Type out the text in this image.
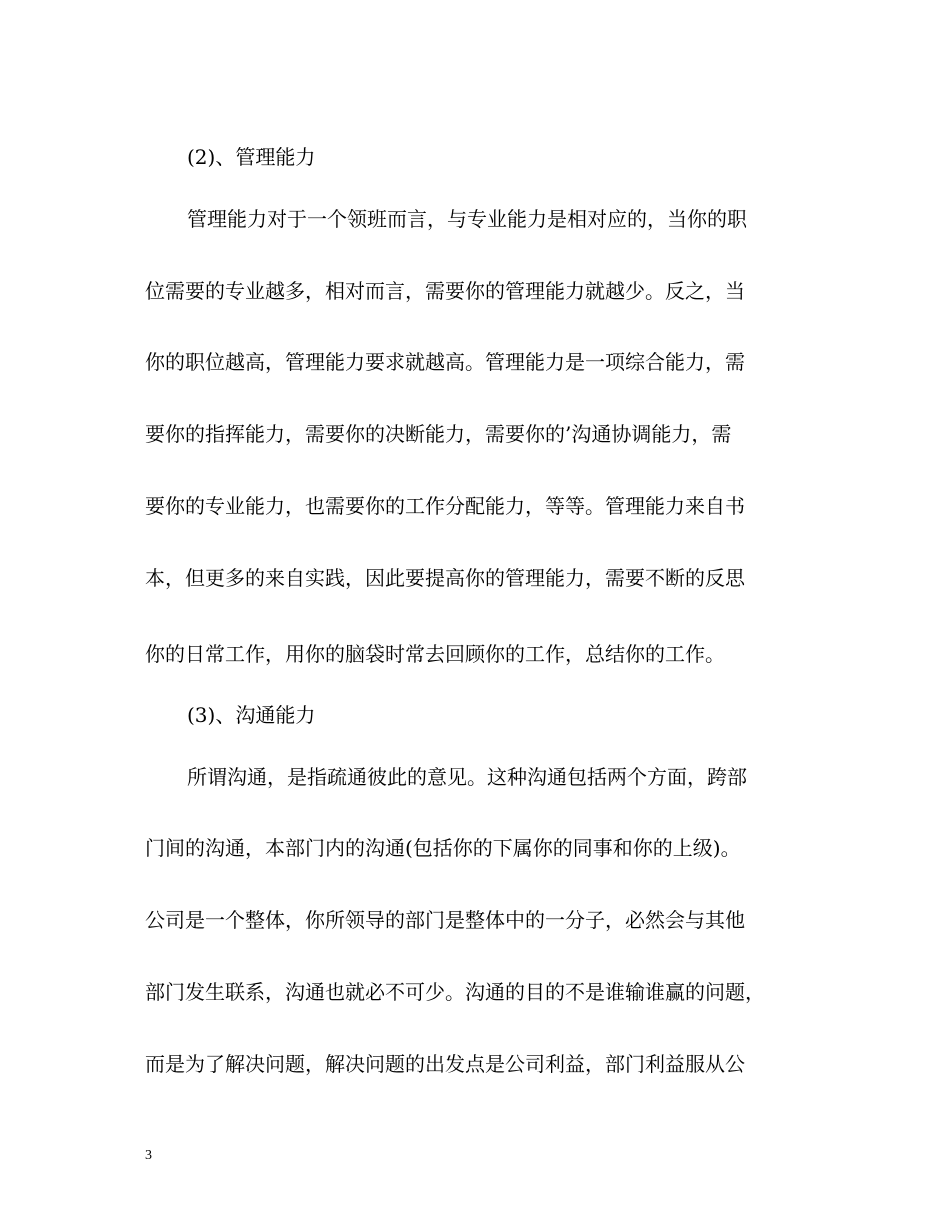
(2)、管理能力
管理能力对于一个领班而言，与专业能力是相对应的，当你的职
位需要的专业越多，相对而言，需要你的管理能力就越少。反之，当
你的职位越高，管理能力要求就越高。管理能力是一项综合能力，需
要你的指挥能力，需要你的决断能力，需要你的’沟通协调能力，需
要你的专业能力，也需要你的工作分配能力，等等。管理能力来自书
本，但更多的来自实践，因此要提高你的管理能力，需要不断的反思
你的日常工作，用你的脑袋时常去回顾你的工作，总结你的工作。
(3)、沟通能力
所谓沟通，是指疏通彼此的意见。这种沟通包括两个方面，跨部
门间的沟通，本部门内的沟通(包括你的下属你的同事和你的上级)。
公司是一个整体，你所领导的部门是整体中的一分子，必然会与其他
部门发生联系，沟通也就必不可少。沟通的目的不是谁输谁赢的问题，
而是为了解决问题，解决问题的出发点是公司利益，部门利益服从公
3
